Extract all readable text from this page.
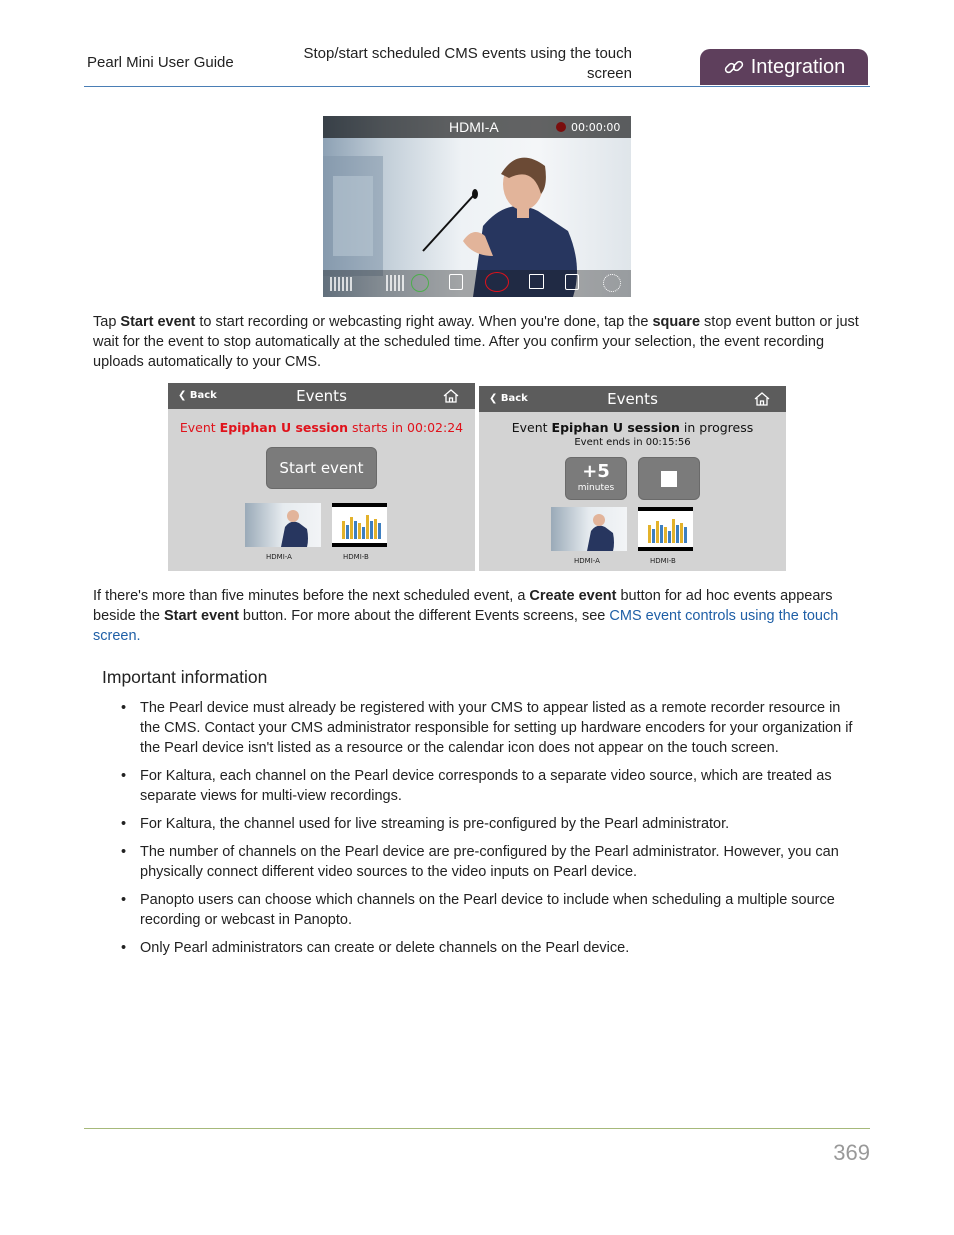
Pearl Mini User Guide
Stop/start scheduled CMS events using the touch
screen	Integration
HDMI-A	00:00:00
Tap Start event to start recording or webcasting right away. When you're done, tap the square stop event button or just wait for the event to stop automatically at the scheduled time. After you confirm your selection, the event recording uploads automatically to your CMS.
❮ Back	Events
Event Epiphan U session starts in 00:02:24
Start event
HDMI-A	HDMI-B
❮ Back	Events
Event Epiphan U session in progress
Event ends in 00:15:56
+5
minutes
HDMI-A	HDMI-B
If there's more than five minutes before the next scheduled event, a Create event button for ad hoc events appears beside the Start event button. For more about the different Events screens, see CMS event controls using the touch screen.
Important information
• The Pearl device must already be registered with your CMS to appear listed as a remote recorder resource in the CMS. Contact your CMS administrator responsible for setting up hardware encoders for your organization if the Pearl device isn't listed as a resource or the calendar icon does not appear on the touch screen.
• For Kaltura, each channel on the Pearl device corresponds to a separate video source, which are treated as separate views for multi-view recordings.
• For Kaltura, the channel used for live streaming is pre-configured by the Pearl administrator.
• The number of channels on the Pearl device are pre-configured by the Pearl administrator. However, you can physically connect different video sources to the video inputs on Pearl device.
• Panopto users can choose which channels on the Pearl device to include when scheduling a multiple source recording or webcast in Panopto.
• Only Pearl administrators can create or delete channels on the Pearl device.
369
